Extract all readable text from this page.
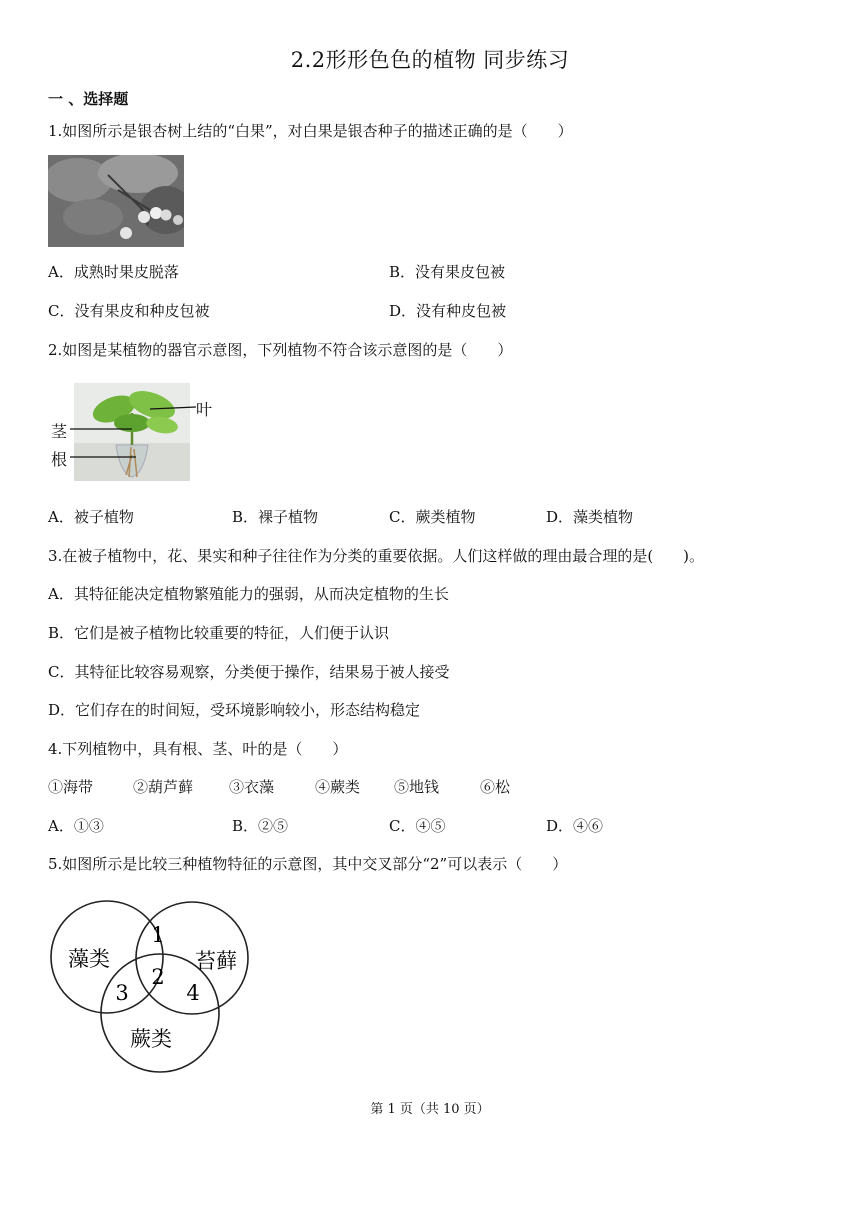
2.2形形色色的植物 同步练习
一 、选择题
1.如图所示是银杏树上结的“白果”，对白果是银杏种子的描述正确的是（　　）
A．成熟时果皮脱落	B．没有果皮包被
C．没有果皮和种皮包被	D．没有种皮包被
2.如图是某植物的器官示意图，下列植物不符合该示意图的是（　　）
叶
茎
根
A．被子植物	B．裸子植物	C．蕨类植物	D．藻类植物
3.在被子植物中，花、果实和种子往往作为分类的重要依据。人们这样做的理由最合理的是(　　)。
A．其特征能决定植物繁殖能力的强弱，从而决定植物的生长
B．它们是被子植物比较重要的特征，人们便于认识
C．其特征比较容易观察，分类便于操作，结果易于被人接受
D．它们存在的时间短，受环境影响较小，形态结构稳定
4.下列植物中，具有根、茎、叶的是（　　）
①海带	②葫芦藓 ③衣藻	④蕨类 ⑤地钱	⑥松
A．①③	B．②⑤	C．④⑤	D．④⑥
5.如图所示是比较三种植物特征的示意图，其中交叉部分“2”可以表示（　　）
藻类	苔藓
蕨类
1
2
3	4
第 1 页（共 10 页）
